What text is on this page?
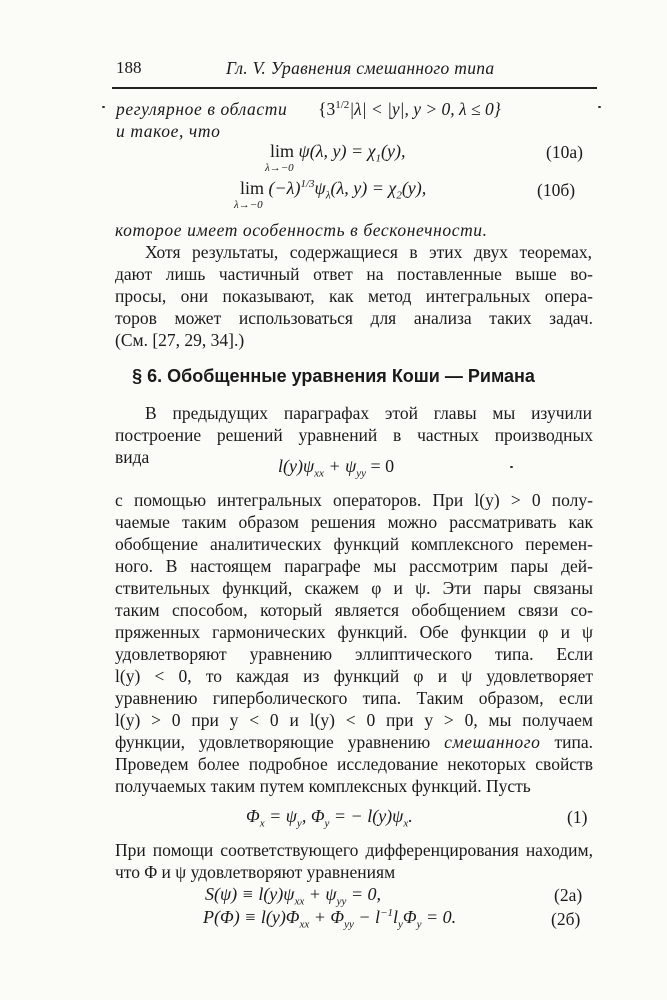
188	Гл. V. Уравнения смешанного типа
регулярное в области {$3^{1/2}|\lambda| < |y|$, y > 0, λ ≤ 0}
и такое, что
lim ψ(λ, $y) = \chi_1(y)$,
λ→−0
(10a)
$\lim (-\lambda)^{1/3}\psi_\lambda(\lambda$, $y) = \chi_2(y)$,
λ→−0
(10б)
которое имеет особенность в бесконечности.
Хотя результаты, содержащиеся в этих двух теоремах,
дают лишь частичный ответ на поставленные выше во-
просы, они показывают, как метод интегральных опера-
торов может использоваться для анализа таких задач.
(См. [27, 29, 34].)
§ 6. Обобщенные уравнения Коши — Римана
В предыдущих параграфах этой главы мы изучили
построение решений уравнений в частных производных
вида	$l(y)\psi_{xx} + \psi_{yy} = 0$
с помощью интегральных операторов. При l(y) > 0 полу-
чаемые таким образом решения можно рассматривать как
обобщение аналитических функций комплексного перемен-
ного. В настоящем параграфе мы рассмотрим пары дей-
ствительных функций, скажем φ и ψ. Эти пары связаны
таким способом, который является обобщением связи со-
пряженных гармонических функций. Обе функции φ и ψ
удовлетворяют уравнению эллиптического типа. Если
l(y) < 0, то каждая из функций φ и ψ удовлетворяет
уравнению гиперболического типа. Таким образом, если
l(y) > 0 при y < 0 и l(y) < 0 при y > 0, мы получаем
функции, удовлетворяющие уравнению смешанного типа.
Проведем более подробное исследование некоторых свойств
получаемых таким путем комплексных функций. Пусть
$\Phi_x = \psi_y$, $\Phi_y$ = − $l(y)\psi_x$.	(1)
При помощи соответствующего дифференцирования находим,
что Φ и ψ удовлетворяют уравнениям
$S(\psi) \equiv l(y)\psi_{xx} + \psi_{yy} = 0$,	(2a)
$P(\Phi) \equiv l(y)\Phi_{xx} + \Phi_{yy} - l^{-1}l_y\Phi_y = 0$.	(2б)
